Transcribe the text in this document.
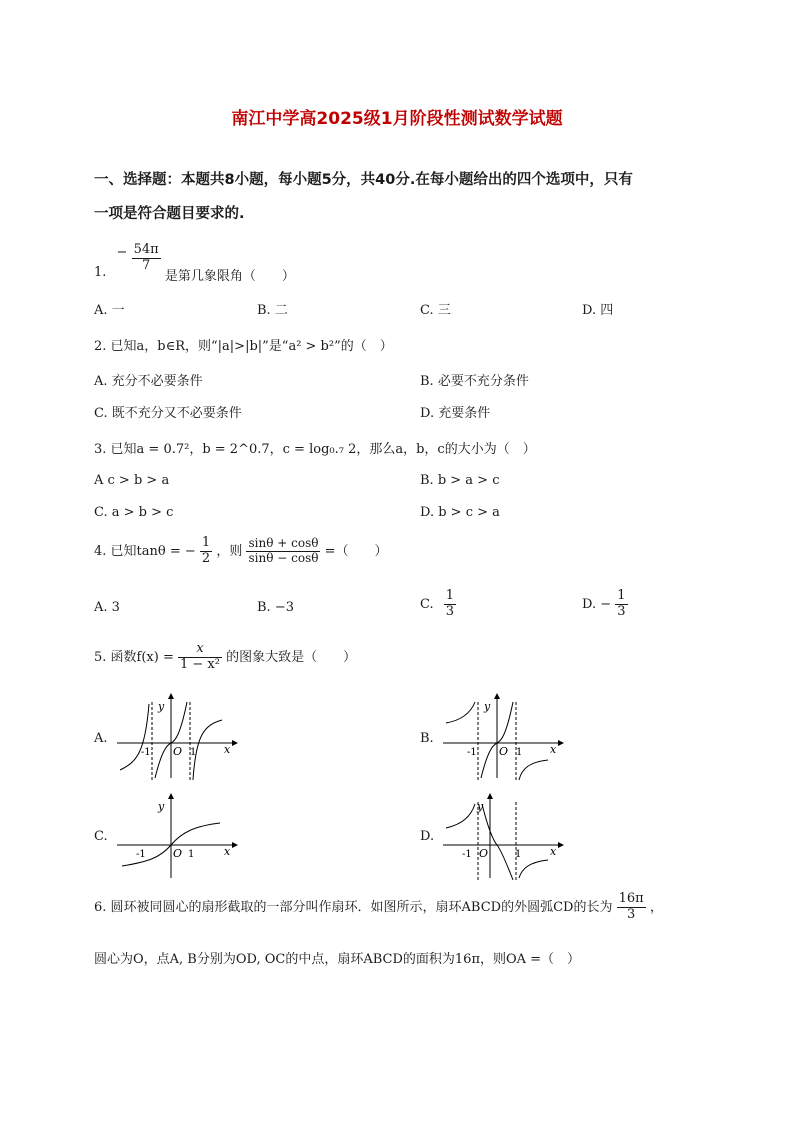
南江中学高2025级1月阶段性测试数学试题
一、选择题：本题共8小题，每小题5分，共40分.在每小题给出的四个选项中，只有
一项是符合题目要求的.
1. − $\frac{54\pi}{7}$
是第几象限角（　　）
A. 一	B. 二	C. 三	D. 四
2. 已知a，b∈R，则“|a|>|b|”是“a² > b²”的（　）
A. 充分不必要条件	B. 必要不充分条件
C. 既不充分又不必要条件	D. 充要条件
3. 已知a = 0.7²，b = 2^0.7，c = log₀.₇ 2，那么a，b，c的大小为（　）
A c > b > a	B. b > a > c
C. a > b > c	D. b > c > a
4. 已知tanθ = − $\frac{1}{2}$ ，则 $\frac{\sin\theta + \cos\theta}{\sin\theta - \cos\theta}$ =（　　）
A. 3	B. −3	C. $\frac{1}{3}$	D. − $\frac{1}{3}$
5. 函数$f(x) = \frac{x}{\text{1 − x²}}$ 的图象大致是（　　）
A.	B.
C.	D.
y
x
-1 O 1
y
x
-1 O 1
y
x
-1 O 1
y
x
-1 O	1
6. 圆环被同圆心的扇形截取的一部分叫作扇环．如图所示，扇环ABCD的外圆弧CD的长为 $\frac{16\pi}{3}$ ，
圆心为O，点A, B分别为OD, OC的中点，扇环ABCD的面积为16π，则OA =（　）
